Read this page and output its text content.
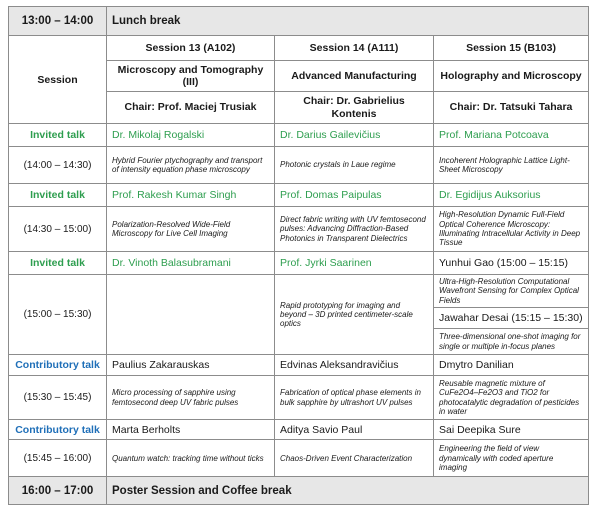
13:00 – 14:00	Lunch break		
Session	Session 13 (A102)	Session 14 (A111)	Session 15 (B103)
	Microscopy and Tomography (III)	Advanced Manufacturing	Holography and Microscopy
	Chair: Prof. Maciej Trusiak	Chair: Dr. Gabrielius Kontenis	Chair: Dr. Tatsuki Tahara
Invited talk	Dr. Mikolaj Rogalski	Dr. Darius Gailevičius	Prof. Mariana Potcoava
(14:00 – 14:30)	Hybrid Fourier ptychography and transport of intensity equation phase microscopy	Photonic crystals in Laue regime	Incoherent Holographic Lattice Light-Sheet Microscopy
Invited talk	Prof. Rakesh Kumar Singh	Prof. Domas Paipulas	Dr. Egidijus Auksorius
(14:30 – 15:00)	Polarization-Resolved Wide-Field Microscopy for Live Cell Imaging	Direct fabric writing with UV femtosecond pulses: Advancing Diffraction-Based Photonics in Transparent Dielectrics	High-Resolution Dynamic Full-Field Optical Coherence Microscopy: Illuminating Intracellular Activity in Deep Tissue
Invited talk	Dr. Vinoth Balasubramani	Prof. Jyrki Saarinen	Yunhui Gao (15:00 – 15:15)
(15:00 – 15:30)		Rapid prototyping for imaging and beyond – 3D printed centimeter-scale optics	Ultra-High-Resolution Computational Wavefront Sensing for Complex Optical Fields
			Jawahar Desai (15:15 – 15:30)
			Three-dimensional one-shot imaging for single or multiple in-focus planes
Contributory talk	Paulius Zakarauskas	Edvinas Aleksandravičius	Dmytro Danilian
(15:30 – 15:45)	Micro processing of sapphire using femtosecond deep UV fabric pulses	Fabrication of optical phase elements in bulk sapphire by ultrashort UV pulses	Reusable magnetic mixture of CuFe2O4–Fe2O3 and TiO2 for photocatalytic degradation of pesticides in water
Contributory talk	Marta Berholts	Aditya Savio Paul	Sai Deepika Sure
(15:45 – 16:00)	Quantum watch: tracking time without ticks	Chaos-Driven Event Characterization	Engineering the field of view dynamically with coded aperture imaging
16:00 – 17:00	Poster Session and Coffee break		
